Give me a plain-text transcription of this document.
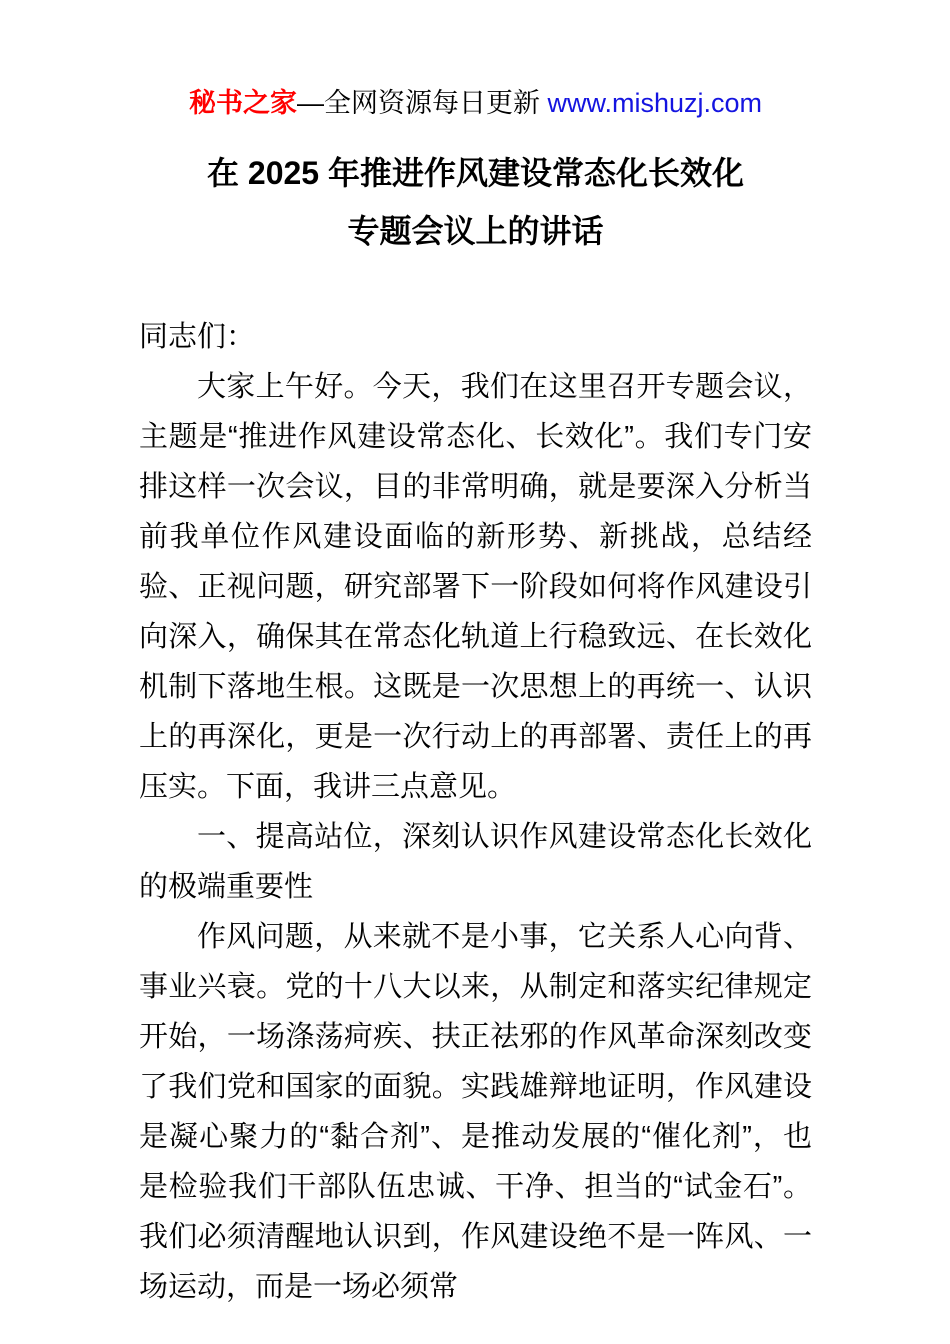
秘书之家—全网资源每日更新 www.mishuzj.com
在 2025 年推进作风建设常态化长效化
专题会议上的讲话

同志们：

大家上午好。今天，我们在这里召开专题会议，主题是“推进作风建设常态化、长效化”。我们专门安排这样一次会议，目的非常明确，就是要深入分析当前我单位作风建设面临的新形势、新挑战，总结经验、正视问题，研究部署下一阶段如何将作风建设引向深入，确保其在常态化轨道上行稳致远、在长效化机制下落地生根。这既是一次思想上的再统一、认识上的再深化，更是一次行动上的再部署、责任上的再压实。下面，我讲三点意见。

一、提高站位，深刻认识作风建设常态化长效化的极端重要性

作风问题，从来就不是小事，它关系人心向背、事业兴衰。党的十八大以来，从制定和落实纪律规定开始，一场涤荡疴疾、扶正祛邪的作风革命深刻改变了我们党和国家的面貌。实践雄辩地证明，作风建设是凝心聚力的“黏合剂”、是推动发展的“催化剂”，也是检验我们干部队伍忠诚、干净、担当的“试金石”。我们必须清醒地认识到，作风建设绝不是一阵风、一场运动，而是一场必须常
